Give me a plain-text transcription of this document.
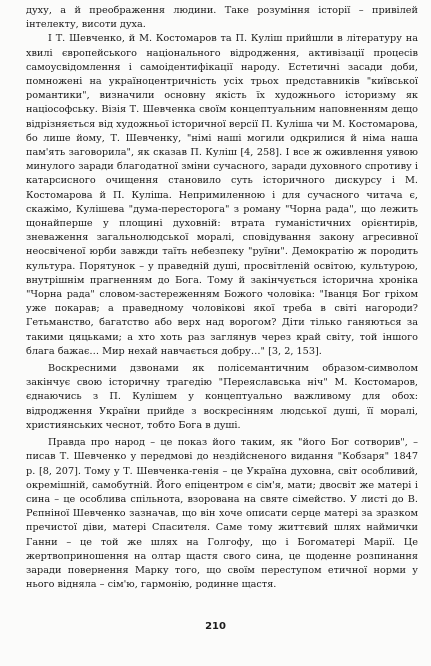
духу, а й преображення людини. Таке розуміння історії – привілей інтелекту, висоти духа.

І Т. Шевченко, й М. Костомаров та П. Куліш прийшли в літературу на хвилі європейського національного відродження, активізації процесів самоусвідомлення і самоідентифікації народу. Естетичні засади доби, помножені на україноцентричність усіх трьох представників "київської романтики", визначили основну якість їх художнього історизму як націософську. Візія Т. Шевченка своїм концептуальним наповненням дещо відрізняється від художньої історичної версії П. Куліша чи М. Костомарова, бо лише йому, Т. Шевченку, "німі наші могили одкрилися й німа наша пам'ять заговорила", як сказав П. Куліш [4, 258]. І все ж оживлення уявою минулого заради благодатної зміни сучасного, заради духовного спротиву і катарсисного очищення становило суть історичного дискурсу і М. Костомарова й П. Куліша. Непримиленною і для сучасного читача є, скажімо, Кулішева "дума-пересторога" з роману "Чорна рада", що лежить щонайперше у площині духовній: втрата гуманістичних орієнтирів, зневаження загальнолюдської моралі, сповідування закону агресивної неосвіченої юрби завжди таїть небезпеку "руїни". Демократію ж породить культура. Порятунок – у праведній душі, просвітленій освітою, культурою, внутрішнім прагненням до Бога. Тому й закінчується історична хроніка "Чорна рада" словом-застереженням Божого чоловіка: "Іванця Бог гріхом уже покарав; а праведному чоловікові якої треба в світі нагороди? Гетьманство, багатство або верх над ворогом? Діти тілько ганяються за такими цяцьками; а хто хоть раз заглянув через край світу, той іншого блага бажає… Мир нехай навчається добру…" [3, 2, 153].

Воскресними дзвонами як полісемантичним образом-символом закінчує свою історичну трагедію "Переяславська ніч" М. Костомаров, єднаючись з П. Кулішем у концептуально важливому для обох: відродження України прийде з воскресінням людської душі, її моралі, християнських чеснот, тобто Бога в душі.

Правда про народ – це показ його таким, як "його Бог сотворив", – писав Т. Шевченко у передмові до нездійсненого видання "Кобзаря" 1847 р. [8, 207]. Тому у Т. Шевченка-генія – це Україна духовна, світ особливий, окремішній, самобутній. Його епіцентром є сім'я, мати; двосвіт же матері і сина – це особлива спільнота, взорована на святе сімейство. У листі до В. Рєпніної Шевченко зазначав, що він хоче описати серце матері за зразком пречистої діви, матері Спасителя. Саме тому життєвий шлях наймички Ганни – це той же шлях на Голгофу, що і Богоматері Марії. Це жертвоприношення на олтар щастя свого сина, це щоденне розпинання заради повернення Марку того, що своїм переступом етичної норми у нього відняла – сім'ю, гармонію, родинне щастя.

210
